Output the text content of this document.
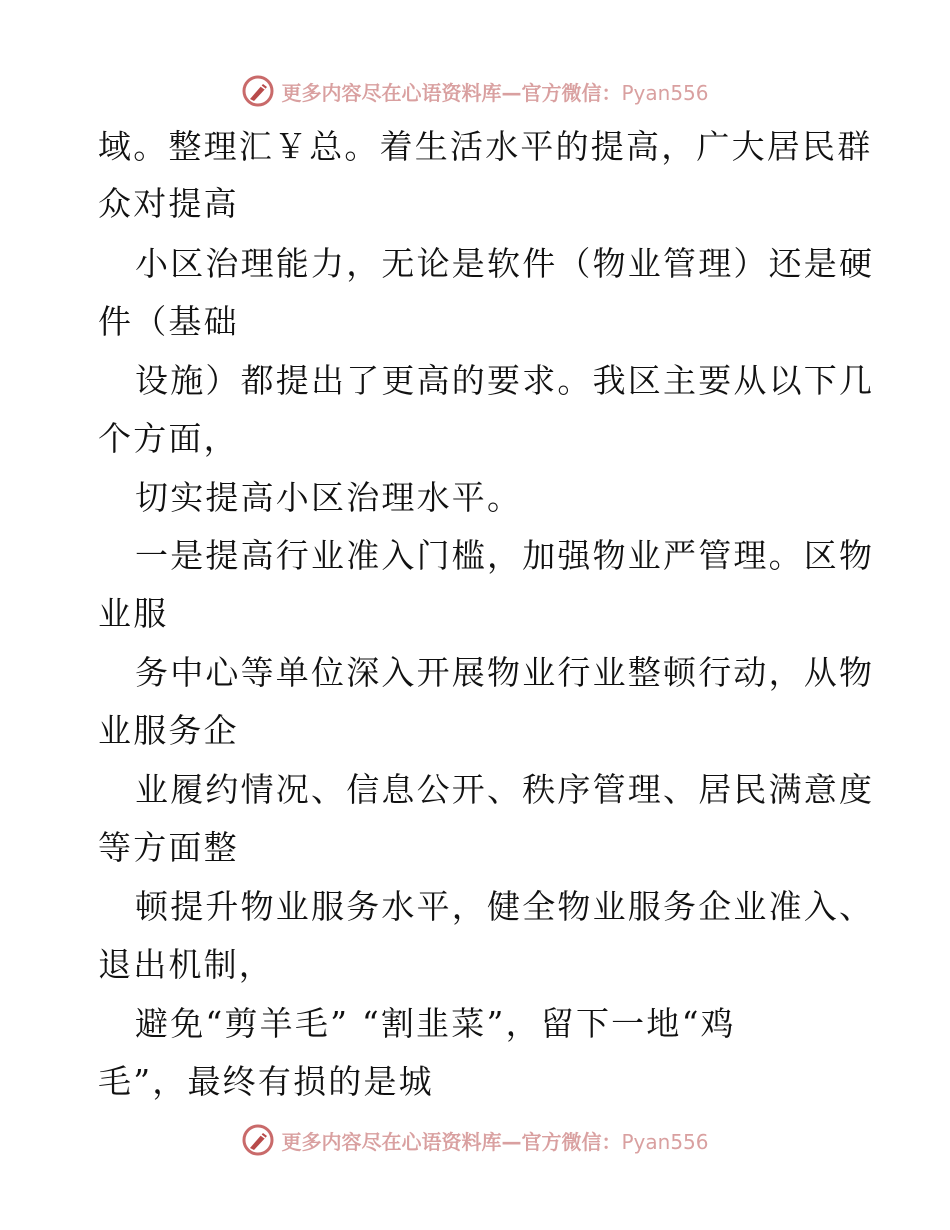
更多内容尽在心语资料库—官方微信：Pyan556
域。整理汇￥总。着生活水平的提高，广大居民群
众对提高
小区治理能力，无论是软件（物业管理）还是硬
件（基础
设施）都提出了更高的要求。我区主要从以下几
个方面，
切实提高小区治理水平。
一是提高行业准入门槛，加强物业严管理。区物
业服
务中心等单位深入开展物业行业整顿行动，从物
业服务企
业履约情况、信息公开、秩序管理、居民满意度
等方面整
顿提升物业服务水平，健全物业服务企业准入、
退出机制，
避免“剪羊毛” “割韭菜”，留下一地“鸡
毛”，最终有损的是城
更多内容尽在心语资料库—官方微信：Pyan556
